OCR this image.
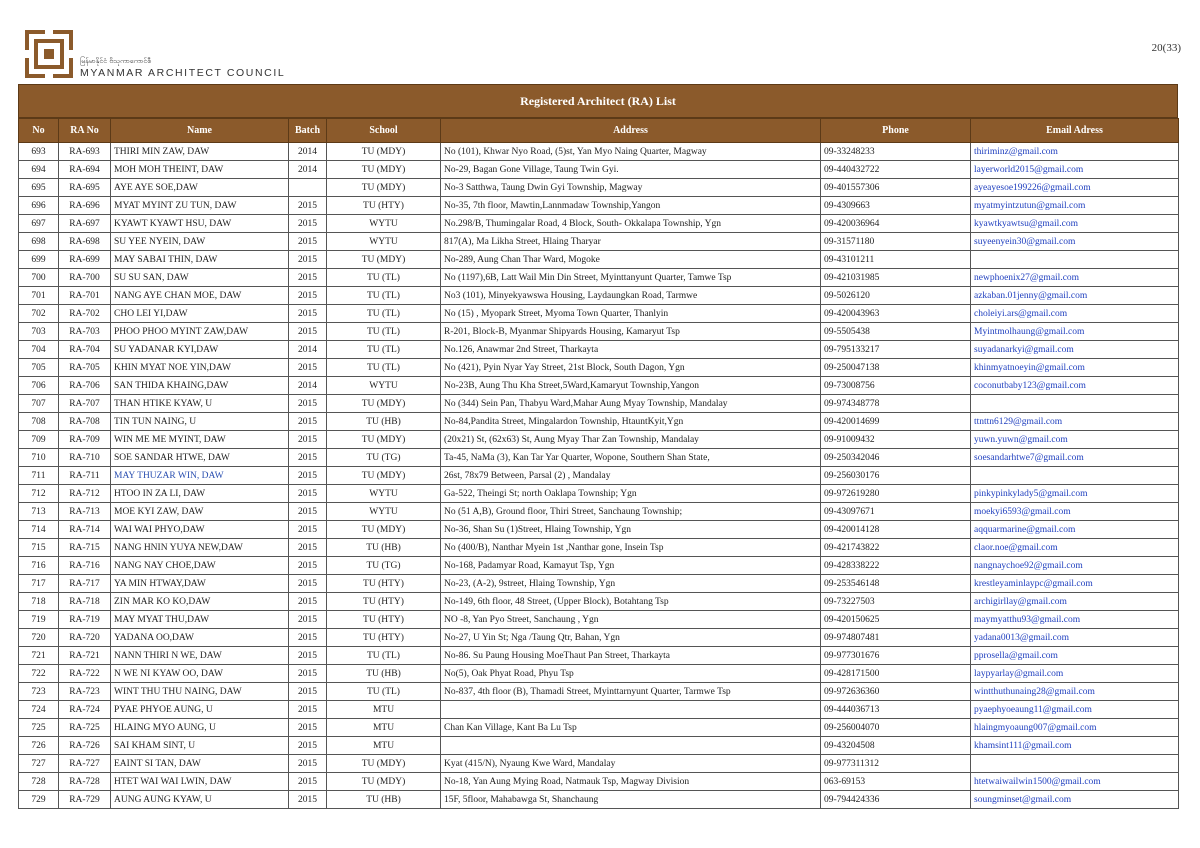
မြန်မာနိုင်ငံ ဗိသုကာကောင်စီ
MYANMAR ARCHITECT COUNCIL
20(33)
Registered Architect (RA) List
No	RA No	Name	Batch	School	Address	Phone	Email Adress
693	RA-693	THIRI MIN ZAW, DAW	2014	TU (MDY)	No (101), Khwar Nyo Road, (5)st, Yan Myo Naing Quarter, Magway	09-33248233	thiriminz@gmail.com
694	RA-694	MOH MOH THEINT, DAW	2014	TU (MDY)	No-29, Bagan Gone Village, Taung Twin Gyi.	09-440432722	layerworld2015@gmail.com
695	RA-695	AYE AYE SOE,DAW		TU (MDY)	No-3 Satthwa, Taung Dwin Gyi Township, Magway	09-401557306	ayeayesoe199226@gmail.com
696	RA-696	MYAT MYINT ZU TUN, DAW	2015	TU (HTY)	No-35, 7th floor, Mawtin,Lannmadaw Township,Yangon	09-4309663	myatmyintzutun@gmail.com
697	RA-697	KYAWT KYAWT HSU, DAW	2015	WYTU	No.298/B, Thumingalar Road, 4 Block, South- Okkalapa Township, Ygn	09-420036964	kyawtkyawtsu@gmail.com
698	RA-698	SU YEE NYEIN, DAW	2015	WYTU	817(A), Ma Likha Street, Hlaing Tharyar	09-31571180	suyeenyein30@gmail.com
699	RA-699	MAY SABAI THIN, DAW	2015	TU (MDY)	No-289, Aung Chan Thar Ward, Mogoke	09-43101211	
700	RA-700	SU SU SAN, DAW	2015	TU (TL)	No (1197),6B, Latt Wail Min Din Street, Myinttanyunt Quarter, Tamwe Tsp	09-421031985	newphoenix27@gmail.com
701	RA-701	NANG AYE CHAN MOE, DAW	2015	TU (TL)	No3 (101), Minyekyawswa Housing, Laydaungkan Road, Tarmwe	09-5026120	azkaban.01jenny@gmail.com
702	RA-702	CHO LEI YI,DAW	2015	TU (TL)	No (15) , Myopark Street, Myoma Town Quarter, Thanlyin	09-420043963	choleiyi.ars@gmail.com
703	RA-703	PHOO PHOO MYINT ZAW,DAW	2015	TU (TL)	R-201, Block-B, Myanmar Shipyards Housing, Kamaryut Tsp	09-5505438	Myintmolhaung@gmail.com
704	RA-704	SU YADANAR KYI,DAW	2014	TU (TL)	No.126, Anawmar 2nd Street, Tharkayta	09-795133217	suyadanarkyi@gmail.com
705	RA-705	KHIN MYAT NOE YIN,DAW	2015	TU (TL)	No (421), Pyin Nyar Yay Street, 21st Block, South Dagon, Ygn	09-250047138	khinmyatnoeyin@gmail.com
706	RA-706	SAN THIDA KHAING,DAW	2014	WYTU	No-23B, Aung Thu Kha Street,5Ward,Kamaryut Township,Yangon	09-73008756	coconutbaby123@gmail.com
707	RA-707	THAN HTIKE KYAW, U	2015	TU (MDY)	No (344) Sein Pan, Thabyu Ward,Mahar Aung Myay Township, Mandalay	09-974348778	
708	RA-708	TIN TUN NAING, U	2015	TU (HB)	No-84,Pandita Street, Mingalardon Township, HtauntKyit,Ygn	09-420014699	ttnttn6129@gmail.com
709	RA-709	WIN ME ME MYINT, DAW	2015	TU (MDY)	(20x21) St, (62x63) St, Aung Myay Thar Zan Township, Mandalay	09-91009432	yuwn.yuwn@gmail.com
710	RA-710	SOE SANDAR HTWE, DAW	2015	TU (TG)	Ta-45, NaMa (3), Kan Tar Yar Quarter, Wopone, Southern Shan State,	09-250342046	soesandarhtwe7@gmail.com
711	RA-711	MAY THUZAR WIN, DAW	2015	TU (MDY)	26st, 78x79 Between, Parsal (2) , Mandalay	09-256030176	
712	RA-712	HTOO IN ZA LI, DAW	2015	WYTU	Ga-522, Theingi St; north Oaklapa Township; Ygn	09-972619280	pinkypinkylady5@gmail.com
713	RA-713	MOE KYI ZAW, DAW	2015	WYTU	No (51 A,B), Ground floor, Thiri Street, Sanchaung Township;	09-43097671	moekyi6593@gmail.com
714	RA-714	WAI WAI PHYO,DAW	2015	TU (MDY)	No-36, Shan Su (1)Street, Hlaing Township, Ygn	09-420014128	aqquarmarine@gmail.com
715	RA-715	NANG HNIN YUYA NEW,DAW	2015	TU (HB)	No (400/B), Nanthar Myein 1st ,Nanthar gone, Insein Tsp	09-421743822	claor.noe@gmail.com
716	RA-716	NANG NAY CHOE,DAW	2015	TU (TG)	No-168, Padamyar Road, Kamayut Tsp, Ygn	09-428338222	nangnaychoe92@gmail.com
717	RA-717	YA MIN HTWAY,DAW	2015	TU (HTY)	No-23, (A-2), 9street, Hlaing Township, Ygn	09-253546148	krestleyaminlaypc@gmail.com
718	RA-718	ZIN MAR KO KO,DAW	2015	TU (HTY)	No-149, 6th floor, 48 Street, (Upper Block), Botahtang Tsp	09-73227503	archigirllay@gmail.com
719	RA-719	MAY MYAT THU,DAW	2015	TU (HTY)	NO -8, Yan Pyo Street, Sanchaung , Ygn	09-420150625	maymyatthu93@gmail.com
720	RA-720	YADANA OO,DAW	2015	TU (HTY)	No-27, U Yin St; Nga /Taung Qtr, Bahan, Ygn	09-974807481	yadana0013@gmail.com
721	RA-721	NANN THIRI N WE, DAW	2015	TU (TL)	No-86. Su Paung Housing MoeThaut Pan Street, Tharkayta	09-977301676	pprosella@gmail.com
722	RA-722	N WE NI KYAW OO, DAW	2015	TU (HB)	No(5), Oak Phyat Road, Phyu Tsp	09-428171500	laypyarlay@gmail.com
723	RA-723	WINT THU THU NAING, DAW	2015	TU (TL)	No-837, 4th floor (B), Thamadi Street, Myinttarnyunt Quarter, Tarmwe Tsp	09-972636360	wintthuthunaing28@gmail.com
724	RA-724	PYAE PHYOE AUNG, U	2015	MTU		09-444036713	pyaephyoeaung11@gmail.com
725	RA-725	HLAING MYO AUNG, U	2015	MTU	Chan Kan Village, Kant Ba Lu Tsp	09-256004070	hlaingmyoaung007@gmail.com
726	RA-726	SAI KHAM SINT, U	2015	MTU		09-43204508	khamsint111@gmail.com
727	RA-727	EAINT SI TAN, DAW	2015	TU (MDY)	Kyat (415/N), Nyaung Kwe Ward, Mandalay	09-977311312	
728	RA-728	HTET WAI WAI LWIN, DAW	2015	TU (MDY)	No-18, Yan Aung Mying Road, Natmauk Tsp, Magway Division	063-69153	htetwaiwailwin1500@gmail.com
729	RA-729	AUNG AUNG KYAW, U	2015	TU (HB)	15F, 5floor, Mahabawga St, Shanchaung	09-794424336	soungminset@gmail.com
